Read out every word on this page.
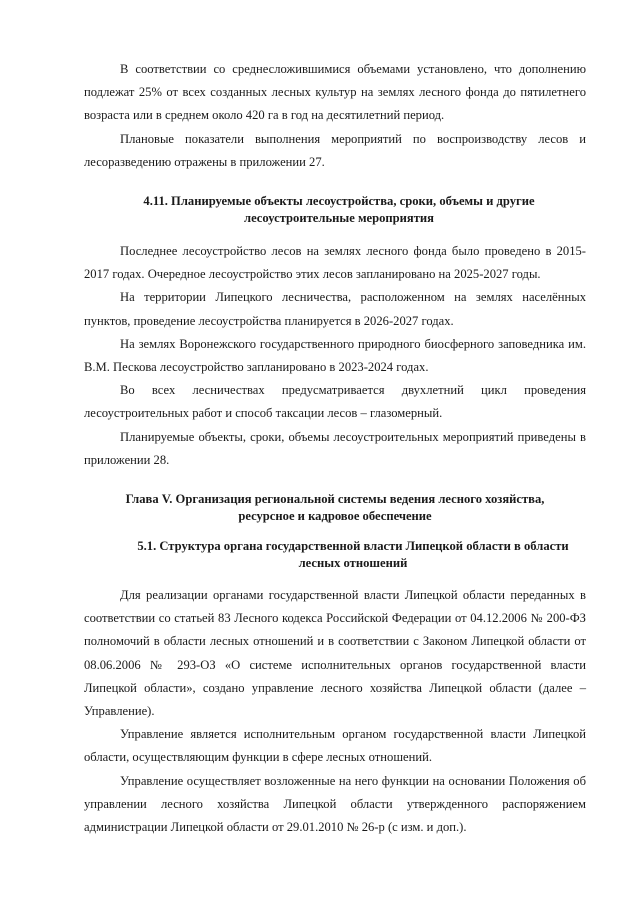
В соответствии со среднесложившимися объемами установлено, что дополнению подлежат 25% от всех созданных лесных культур на землях лесного фонда до пятилетнего возраста или в среднем около 420 га в год на десятилетний период.

Плановые показатели выполнения мероприятий по воспроизводству лесов и лесоразведению отражены в приложении 27.

4.11. Планируемые объекты лесоустройства, сроки, объемы и другие
лесоустроительные мероприятия

Последнее лесоустройство лесов на землях лесного фонда было проведено в 2015-2017 годах. Очередное лесоустройство этих лесов запланировано на 2025-2027 годы.

На территории Липецкого лесничества, расположенном на землях населённых пунктов, проведение лесоустройства планируется в 2026-2027 годах.

На землях Воронежского государственного природного биосферного заповедника им. В.М. Пескова лесоустройство запланировано в 2023-2024 годах.

Во всех лесничествах предусматривается двухлетний цикл проведения лесоустроительных работ и способ таксации лесов – глазомерный.

Планируемые объекты, сроки, объемы лесоустроительных мероприятий приведены в приложении 28.

Глава V. Организация региональной системы ведения лесного хозяйства,
ресурсное и кадровое обеспечение
5.1. Структура органа государственной власти Липецкой области в области
лесных отношений

Для реализации органами государственной власти Липецкой области переданных в соответствии со статьей 83 Лесного кодекса Российской Федерации от 04.12.2006 № 200-ФЗ полномочий в области лесных отношений и в соответствии с Законом Липецкой области от 08.06.2006 № 293-ОЗ «О системе исполнительных органов государственной власти Липецкой области», создано управление лесного хозяйства Липецкой области (далее – Управление).

Управление является исполнительным органом государственной власти Липецкой области, осуществляющим функции в сфере лесных отношений.

Управление осуществляет возложенные на него функции на основании Положения об управлении лесного хозяйства Липецкой области утвержденного распоряжением администрации Липецкой области от 29.01.2010 № 26-р (с изм. и доп.).
